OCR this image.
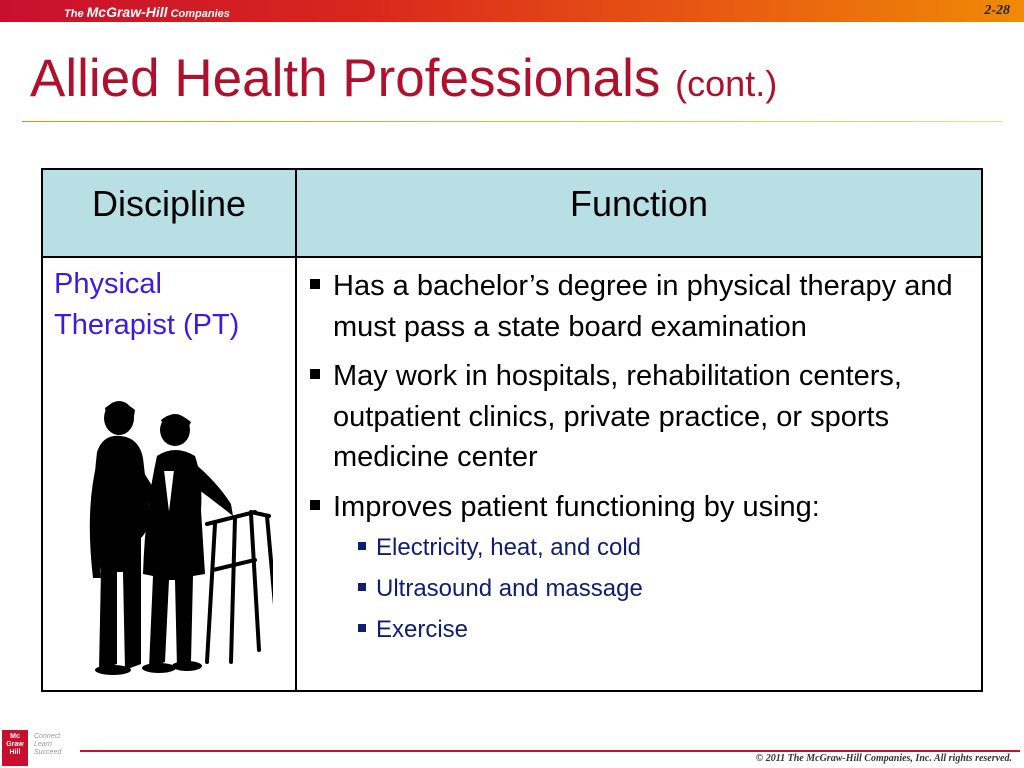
The McGraw-Hill Companies	2-28
Allied Health Professionals (cont.)
Discipline	Function
Physical
Therapist (PT)
Has a bachelor’s degree in physical therapy and must pass a state board examination
May work in hospitals, rehabilitation centers, outpatient clinics, private practice, or sports medicine center
Improves patient functioning by using:
Electricity, heat, and cold
Ultrasound and massage
Exercise
Mc
Graw
Hill
Connect
Learn
Succeed
© 2011 The McGraw-Hill Companies, Inc. All rights reserved.
